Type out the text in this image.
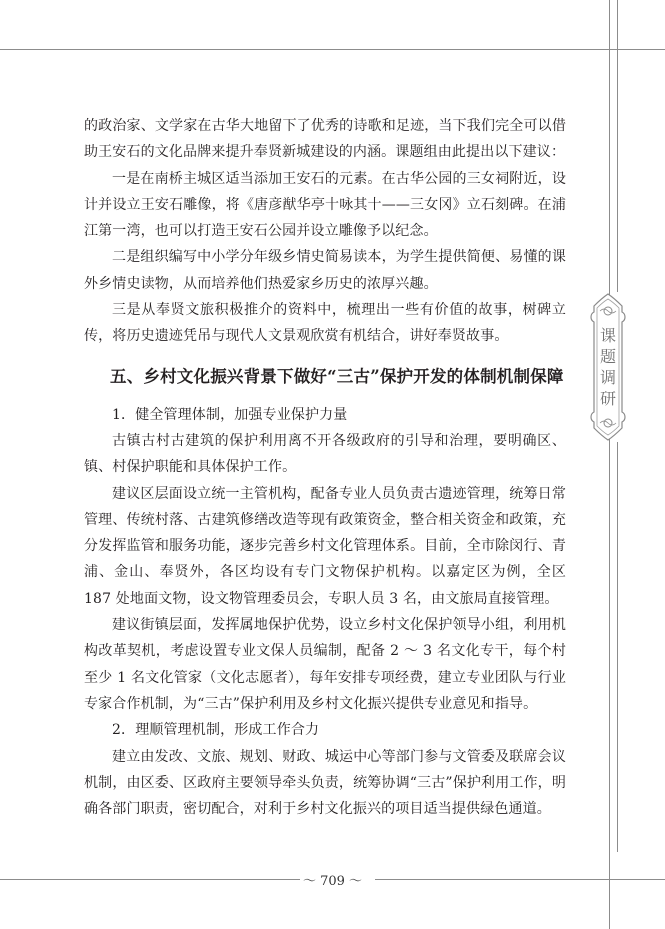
课
题
调
研

的政治家、文学家在古华大地留下了优秀的诗歌和足迹，当下我们完全可以借助王安石的文化品牌来提升奉贤新城建设的内涵。课题组由此提出以下建议：

一是在南桥主城区适当添加王安石的元素。在古华公园的三女祠附近，设计并设立王安石雕像，将《唐彦猷华亭十咏其十——三女冈》立石刻碑。在浦江第一湾，也可以打造王安石公园并设立雕像予以纪念。

二是组织编写中小学分年级乡情史简易读本，为学生提供简便、易懂的课外乡情史读物，从而培养他们热爱家乡历史的浓厚兴趣。

三是从奉贤文旅积极推介的资料中，梳理出一些有价值的故事，树碑立传，将历史遗迹凭吊与现代人文景观欣赏有机结合，讲好奉贤故事。

五、乡村文化振兴背景下做好“三古”保护开发的体制机制保障

1．健全管理体制，加强专业保护力量

古镇古村古建筑的保护利用离不开各级政府的引导和治理，要明确区、镇、村保护职能和具体保护工作。

建议区层面设立统一主管机构，配备专业人员负责古遗迹管理，统筹日常管理、传统村落、古建筑修缮改造等现有政策资金，整合相关资金和政策，充分发挥监管和服务功能，逐步完善乡村文化管理体系。目前，全市除闵行、青浦、金山、奉贤外，各区均设有专门文物保护机构。以嘉定区为例，全区 187 处地面文物，设文物管理委员会，专职人员 3 名，由文旅局直接管理。

建议街镇层面，发挥属地保护优势，设立乡村文化保护领导小组，利用机构改革契机，考虑设置专业文保人员编制，配备 2 ～ 3 名文化专干，每个村至少 1 名文化管家（文化志愿者），每年安排专项经费，建立专业团队与行业专家合作机制，为“三古”保护利用及乡村文化振兴提供专业意见和指导。

2．理顺管理机制，形成工作合力

建立由发改、文旅、规划、财政、城运中心等部门参与文管委及联席会议机制，由区委、区政府主要领导牵头负责，统筹协调“三古”保护利用工作，明确各部门职责，密切配合，对利于乡村文化振兴的项目适当提供绿色通道。

～ 709 ～
